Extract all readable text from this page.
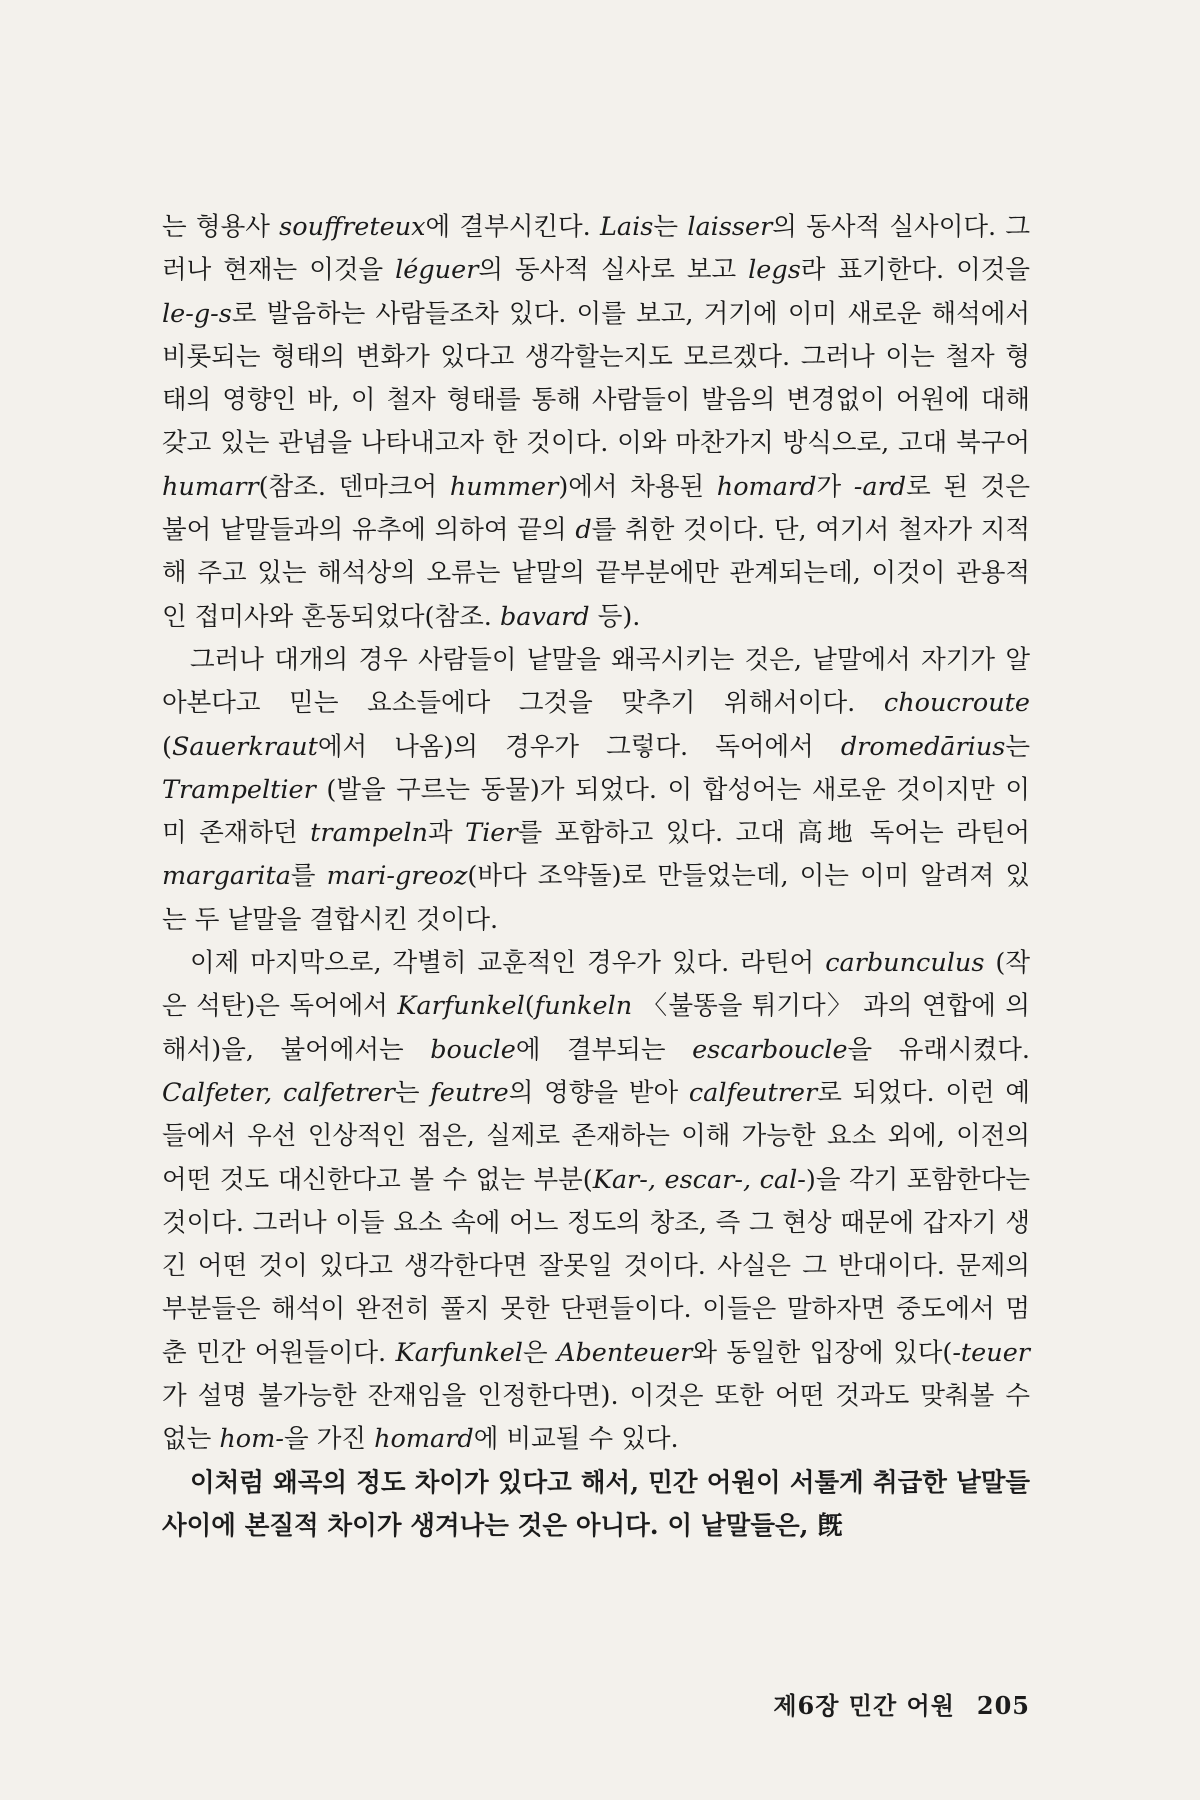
는 형용사 souffreteux에 결부시킨다. Lais는 laisser의 동사적 실사이다. 그러나 현재는 이것을 léguer의 동사적 실사로 보고 legs라 표기한다. 이것을 le-g-s로 발음하는 사람들조차 있다. 이를 보고, 거기에 이미 새로운 해석에서 비롯되는 형태의 변화가 있다고 생각할는지도 모르겠다. 그러나 이는 철자 형태의 영향인 바, 이 철자 형태를 통해 사람들이 발음의 변경없이 어원에 대해 갖고 있는 관념을 나타내고자 한 것이다. 이와 마찬가지 방식으로, 고대 북구어 humarr(참조. 덴마크어 hummer)에서 차용된 homard가 -ard로 된 것은 불어 낱말들과의 유추에 의하여 끝의 d를 취한 것이다. 단, 여기서 철자가 지적해 주고 있는 해석상의 오류는 낱말의 끝부분에만 관계되는데, 이것이 관용적인 접미사와 혼동되었다(참조. bavard 등).

그러나 대개의 경우 사람들이 낱말을 왜곡시키는 것은, 낱말에서 자기가 알아본다고 믿는 요소들에다 그것을 맞추기 위해서이다. choucroute (Sauerkraut에서 나옴)의 경우가 그렇다. 독어에서 dromedārius는 Trampeltier (발을 구르는 동물)가 되었다. 이 합성어는 새로운 것이지만 이미 존재하던 trampeln과 Tier를 포함하고 있다. 고대 高地 독어는 라틴어 margarita를 mari-greoz(바다 조약돌)로 만들었는데, 이는 이미 알려져 있는 두 낱말을 결합시킨 것이다.

이제 마지막으로, 각별히 교훈적인 경우가 있다. 라틴어 carbunculus (작은 석탄)은 독어에서 Karfunkel(funkeln 〈불똥을 튀기다〉 과의 연합에 의해서)을, 불어에서는 boucle에 결부되는 escarboucle을 유래시켰다. Calfeter, calfetrer는 feutre의 영향을 받아 calfeutrer로 되었다. 이런 예들에서 우선 인상적인 점은, 실제로 존재하는 이해 가능한 요소 외에, 이전의 어떤 것도 대신한다고 볼 수 없는 부분(Kar-, escar-, cal-)을 각기 포함한다는 것이다. 그러나 이들 요소 속에 어느 정도의 창조, 즉 그 현상 때문에 갑자기 생긴 어떤 것이 있다고 생각한다면 잘못일 것이다. 사실은 그 반대이다. 문제의 부분들은 해석이 완전히 풀지 못한 단편들이다. 이들은 말하자면 중도에서 멈춘 민간 어원들이다. Karfunkel은 Abenteuer와 동일한 입장에 있다(-teuer가 설명 불가능한 잔재임을 인정한다면). 이것은 또한 어떤 것과도 맞춰볼 수 없는 hom-을 가진 homard에 비교될 수 있다.

이처럼 왜곡의 정도 차이가 있다고 해서, 민간 어원이 서툴게 취급한 낱말들 사이에 본질적 차이가 생겨나는 것은 아니다. 이 낱말들은, 旣

제6장 민간 어원 205
